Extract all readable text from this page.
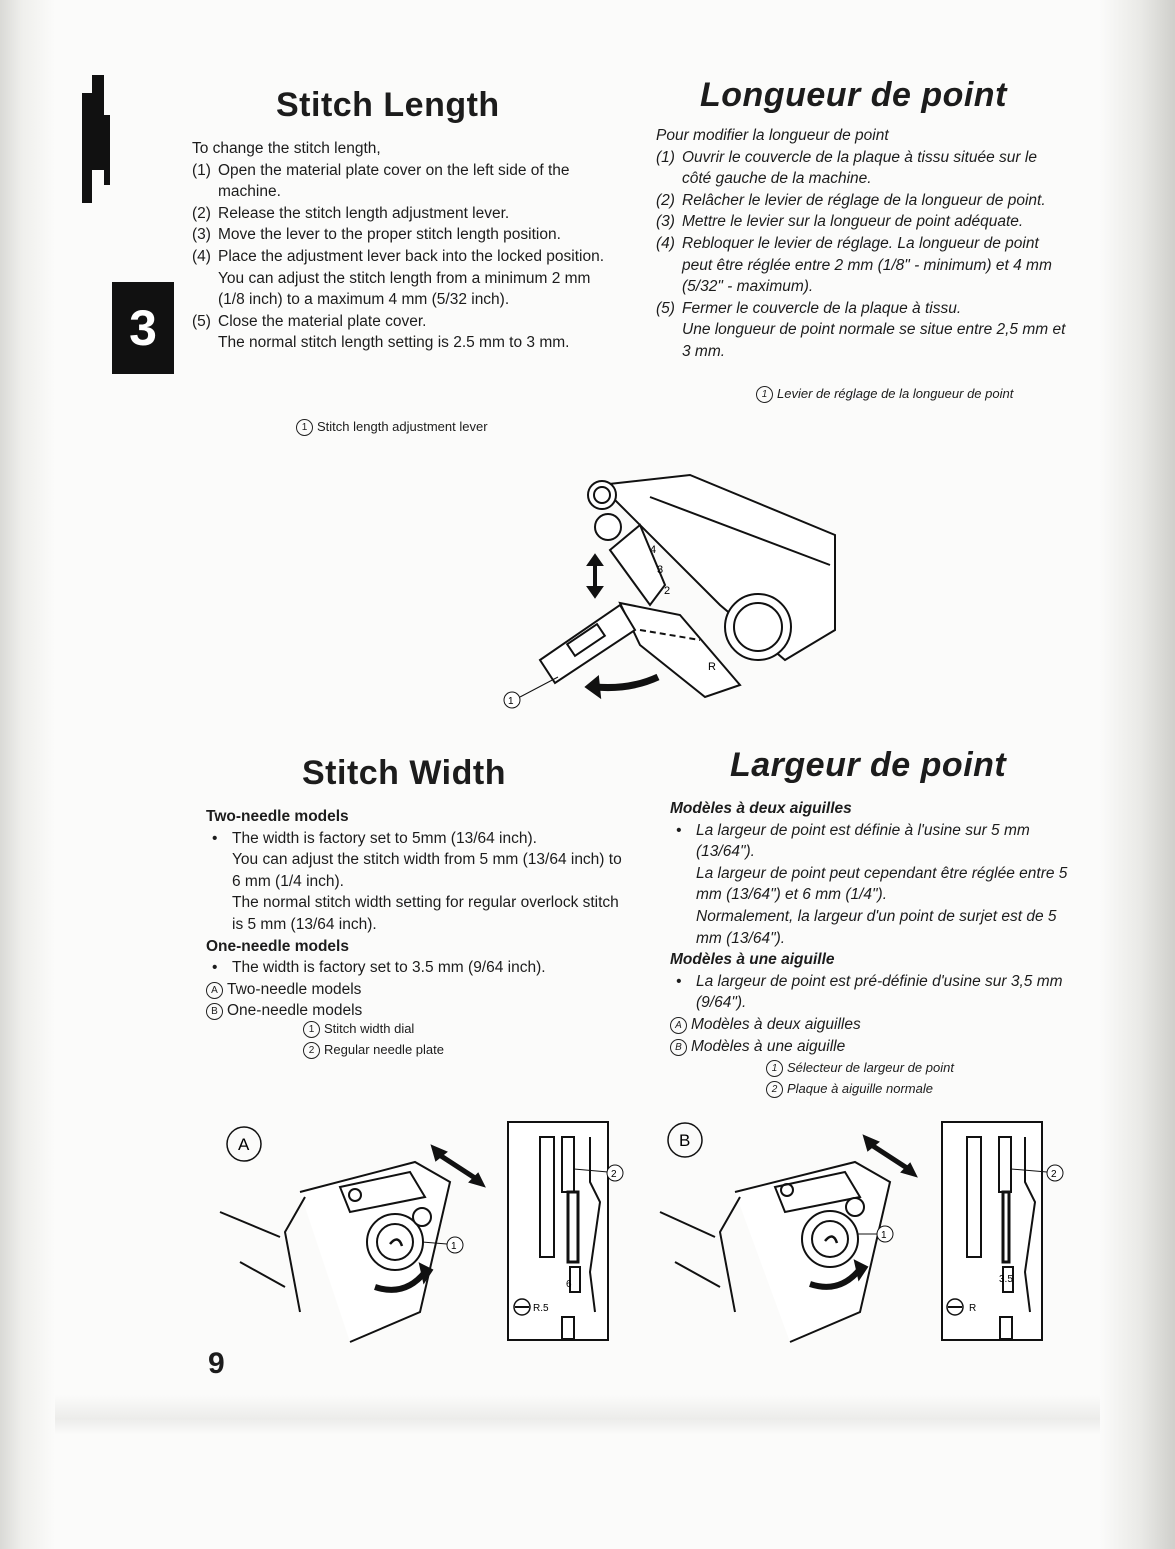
3
Stitch Length
To change the stitch length,
(1) Open the material plate cover on the left side of the machine.
(2) Release the stitch length adjustment lever.
(3) Move the lever to the proper stitch length position.
(4) Place the adjustment lever back into the locked position. You can adjust the stitch length from a minimum 2 mm (1/8 inch) to a maximum 4 mm (5/32 inch).
(5) Close the material plate cover.
The normal stitch length setting is 2.5 mm to 3 mm.
1 Stitch length adjustment lever
Longueur de point
Pour modifier la longueur de point
(1) Ouvrir le couvercle de la plaque à tissu située sur le côté gauche de la machine.
(2) Relâcher le levier de réglage de la longueur de point.
(3) Mettre le levier sur la longueur de point adéquate.
(4) Rebloquer le levier de réglage. La longueur de point peut être réglée entre 2 mm (1/8" - minimum) et 4 mm (5/32" - maximum).
(5) Fermer le couvercle de la plaque à tissu.
Une longueur de point normale se situe entre 2,5 mm et 3 mm.
1 Levier de réglage de la longueur de point
4
3
2
R
1
Stitch Width
Two-needle models
• The width is factory set to 5mm (13/64 inch).
You can adjust the stitch width from 5 mm (13/64 inch) to 6 mm (1/4 inch).
The normal stitch width setting for regular overlock stitch is 5 mm (13/64 inch).
One-needle models
• The width is factory set to 3.5 mm (9/64 inch).
A Two-needle models
B One-needle models
1 Stitch width dial
2 Regular needle plate
Largeur de point
Modèles à deux aiguilles
• La largeur de point est définie à l'usine sur 5 mm (13/64").
La largeur de point peut cependant être réglée entre 5 mm (13/64") et 6 mm (1/4").
Normalement, la largeur d'un point de surjet est de 5 mm (13/64").
Modèles à une aiguille
• La largeur de point est pré-définie d'usine sur 3,5 mm (9/64").
A Modèles à deux aiguilles
B Modèles à une aiguille
1 Sélecteur de largeur de point
2 Plaque à aiguille normale
A
1
2
6
R.5
B
1
2
3.5
R
9
